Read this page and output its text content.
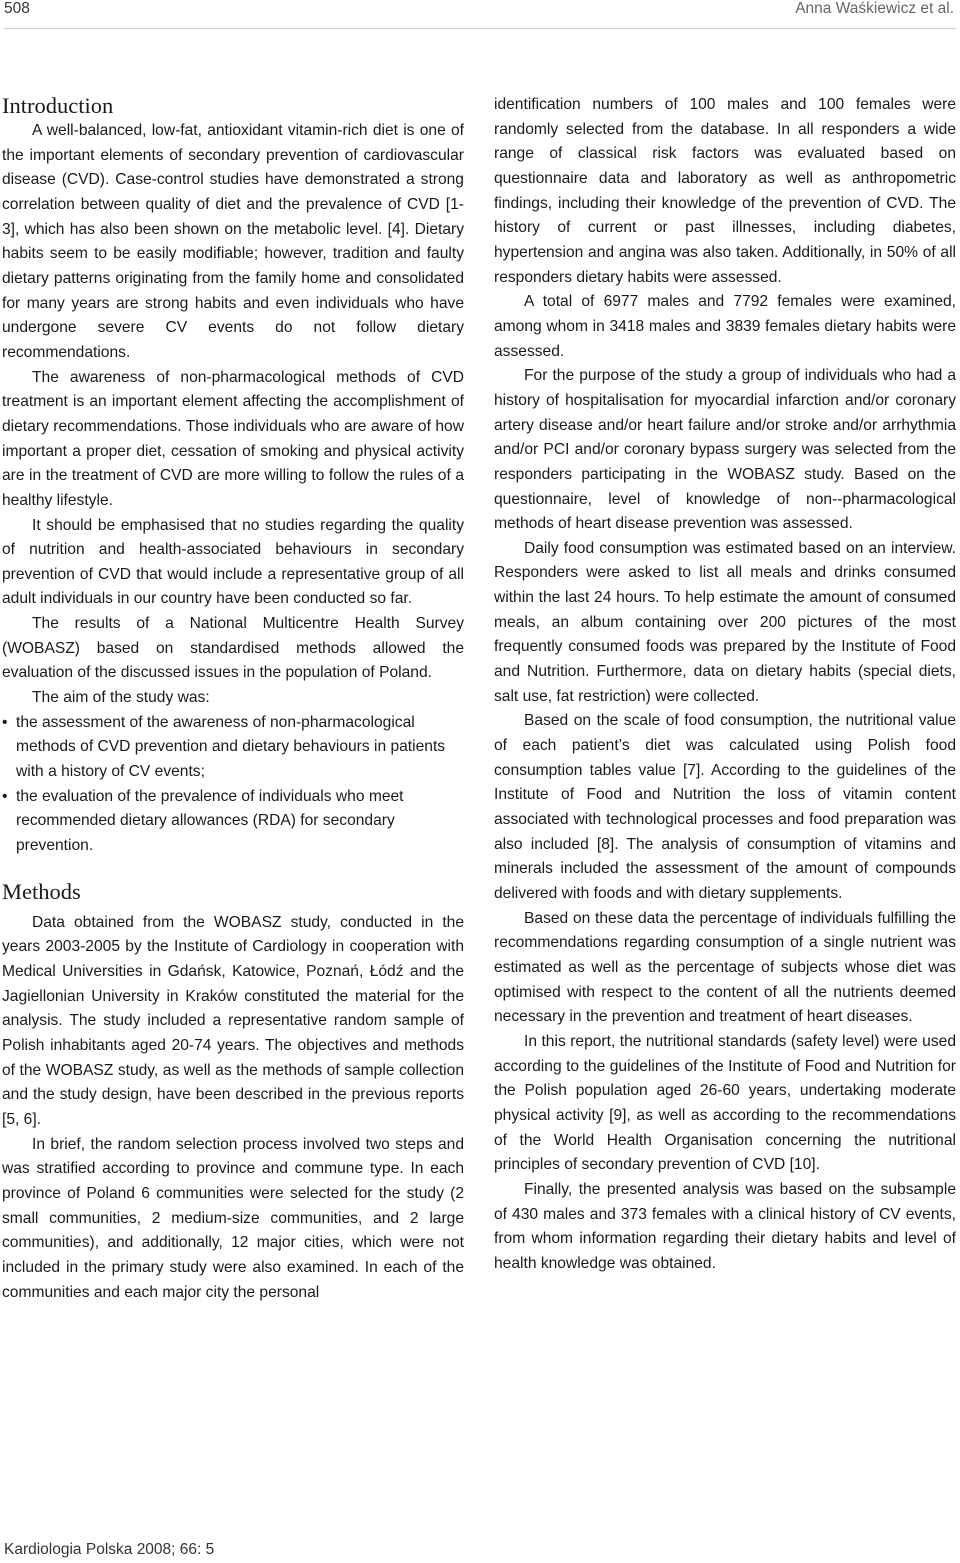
508	Anna Waśkiewicz et al.
Introduction

A well-balanced, low-fat, antioxidant vitamin-rich diet is one of the important elements of secondary prevention of cardiovascular disease (CVD). Case-control studies have demonstrated a strong correlation between quality of diet and the prevalence of CVD [1-3], which has also been shown on the metabolic level. [4]. Dietary habits seem to be easily modifiable; however, tradition and faulty dietary patterns originating from the family home and consolidated for many years are strong habits and even individuals who have undergone severe CV events do not follow dietary recommendations.

The awareness of non-pharmacological methods of CVD treatment is an important element affecting the accomplishment of dietary recommendations. Those individuals who are aware of how important a proper diet, cessation of smoking and physical activity are in the treatment of CVD are more willing to follow the rules of a healthy lifestyle.

It should be emphasised that no studies regarding the quality of nutrition and health-associated behaviours in secondary prevention of CVD that would include a representative group of all adult individuals in our country have been conducted so far.

The results of a National Multicentre Health Survey (WOBASZ) based on standardised methods allowed the evaluation of the discussed issues in the population of Poland.

The aim of the study was:

• the assessment of the awareness of non-pharmacological methods of CVD prevention and dietary behaviours in patients with a history of CV events;
• the evaluation of the prevalence of individuals who meet recommended dietary allowances (RDA) for secondary prevention.
Methods

Data obtained from the WOBASZ study, conducted in the years 2003-2005 by the Institute of Cardiology in cooperation with Medical Universities in Gdańsk, Katowice, Poznań, Łódź and the Jagiellonian University in Kraków constituted the material for the analysis. The study included a representative random sample of Polish inhabitants aged 20-74 years. The objectives and methods of the WOBASZ study, as well as the methods of sample collection and the study design, have been described in the previous reports [5, 6].

In brief, the random selection process involved two steps and was stratified according to province and commune type. In each province of Poland 6 communities were selected for the study (2 small communities, 2 medium-size communities, and 2 large communities), and additionally, 12 major cities, which were not included in the primary study were also examined. In each of the communities and each major city the personal

identification numbers of 100 males and 100 females were randomly selected from the database. In all responders a wide range of classical risk factors was evaluated based on questionnaire data and laboratory as well as anthropometric findings, including their knowledge of the prevention of CVD. The history of current or past illnesses, including diabetes, hypertension and angina was also taken. Additionally, in 50% of all responders dietary habits were assessed.

A total of 6977 males and 7792 females were examined, among whom in 3418 males and 3839 females dietary habits were assessed.

For the purpose of the study a group of individuals who had a history of hospitalisation for myocardial infarction and/or coronary artery disease and/or heart failure and/or stroke and/or arrhythmia and/or PCI and/or coronary bypass surgery was selected from the responders participating in the WOBASZ study. Based on the questionnaire, level of knowledge of non--pharmacological methods of heart disease prevention was assessed.

Daily food consumption was estimated based on an interview. Responders were asked to list all meals and drinks consumed within the last 24 hours. To help estimate the amount of consumed meals, an album containing over 200 pictures of the most frequently consumed foods was prepared by the Institute of Food and Nutrition. Furthermore, data on dietary habits (special diets, salt use, fat restriction) were collected.

Based on the scale of food consumption, the nutritional value of each patient’s diet was calculated using Polish food consumption tables value [7]. According to the guidelines of the Institute of Food and Nutrition the loss of vitamin content associated with technological processes and food preparation was also included [8]. The analysis of consumption of vitamins and minerals included the assessment of the amount of compounds delivered with foods and with dietary supplements.

Based on these data the percentage of individuals fulfilling the recommendations regarding consumption of a single nutrient was estimated as well as the percentage of subjects whose diet was optimised with respect to the content of all the nutrients deemed necessary in the prevention and treatment of heart diseases.

In this report, the nutritional standards (safety level) were used according to the guidelines of the Institute of Food and Nutrition for the Polish population aged 26-60 years, undertaking moderate physical activity [9], as well as according to the recommendations of the World Health Organisation concerning the nutritional principles of secondary prevention of CVD [10].

Finally, the presented analysis was based on the subsample of 430 males and 373 females with a clinical history of CV events, from whom information regarding their dietary habits and level of health knowledge was obtained.

Kardiologia Polska 2008; 66: 5
